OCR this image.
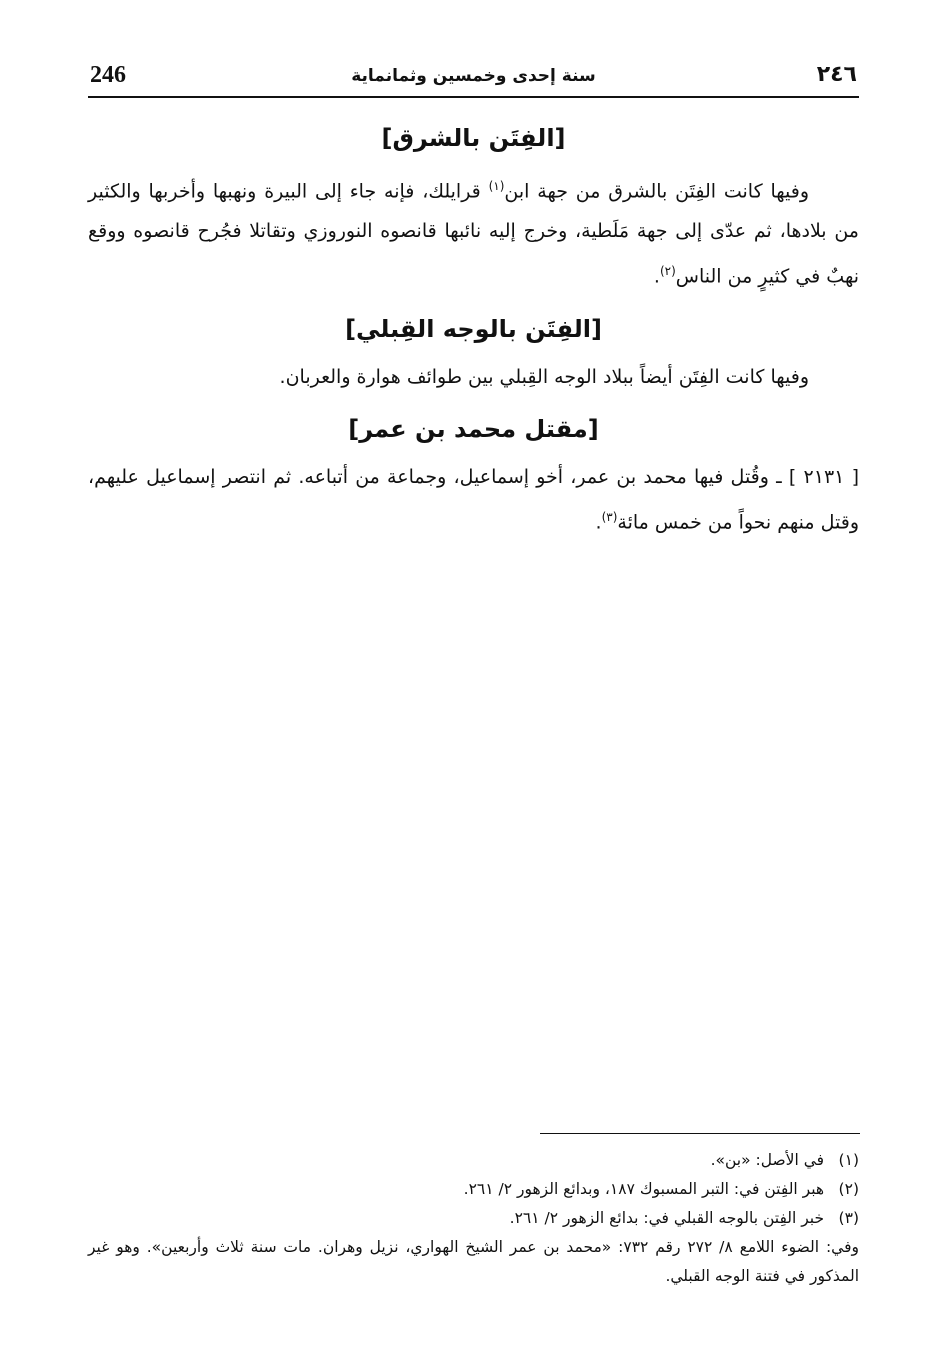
246	سنة إحدى وخمسين وثمانماية	٢٤٦
[الفِتَن بالشرق]

وفيها كانت الفِتَن بالشرق من جهة ابن$^{(١)}$ قرايلك، فإنه جاء إلى البيرة ونهبها وأخربها والكثير من بلادها، ثم عدّى إلى جهة مَلَطية، وخرج إليه نائبها قانصوه النوروزي وتقاتلا فجُرح قانصوه ووقع نهبٌ في كثيرٍ من الناس$^{(٢)}$.

[الفِتَن بالوجه القِبلي]

وفيها كانت الفِتَن أيضاً ببلاد الوجه القِبلي بين طوائف هوارة والعربان.

[مقتل محمد بن عمر]

[ ٢١٣١ ] ـ وقُتل فيها محمد بن عمر، أخو إسماعيل، وجماعة من أتباعه. ثم انتصر إسماعيل عليهم، وقتل منهم نحواً من خمس مائة$^{(٣)}$.

(١) في الأصل: «بن».

(٢) هبر الفِتن في: التبر المسبوك ١٨٧، وبدائع الزهور ٢/ ٢٦١.

(٣) خبر الفِتن بالوجه القبلي في: بدائع الزهور ٢/ ٢٦١.

وفي: الضوء اللامع ٨/ ٢٧٢ رقم ٧٣٢: «محمد بن عمر الشيخ الهواري، نزيل وهران. مات سنة ثلاث وأربعين». وهو غير المذكور في فتنة الوجه القبلي.
